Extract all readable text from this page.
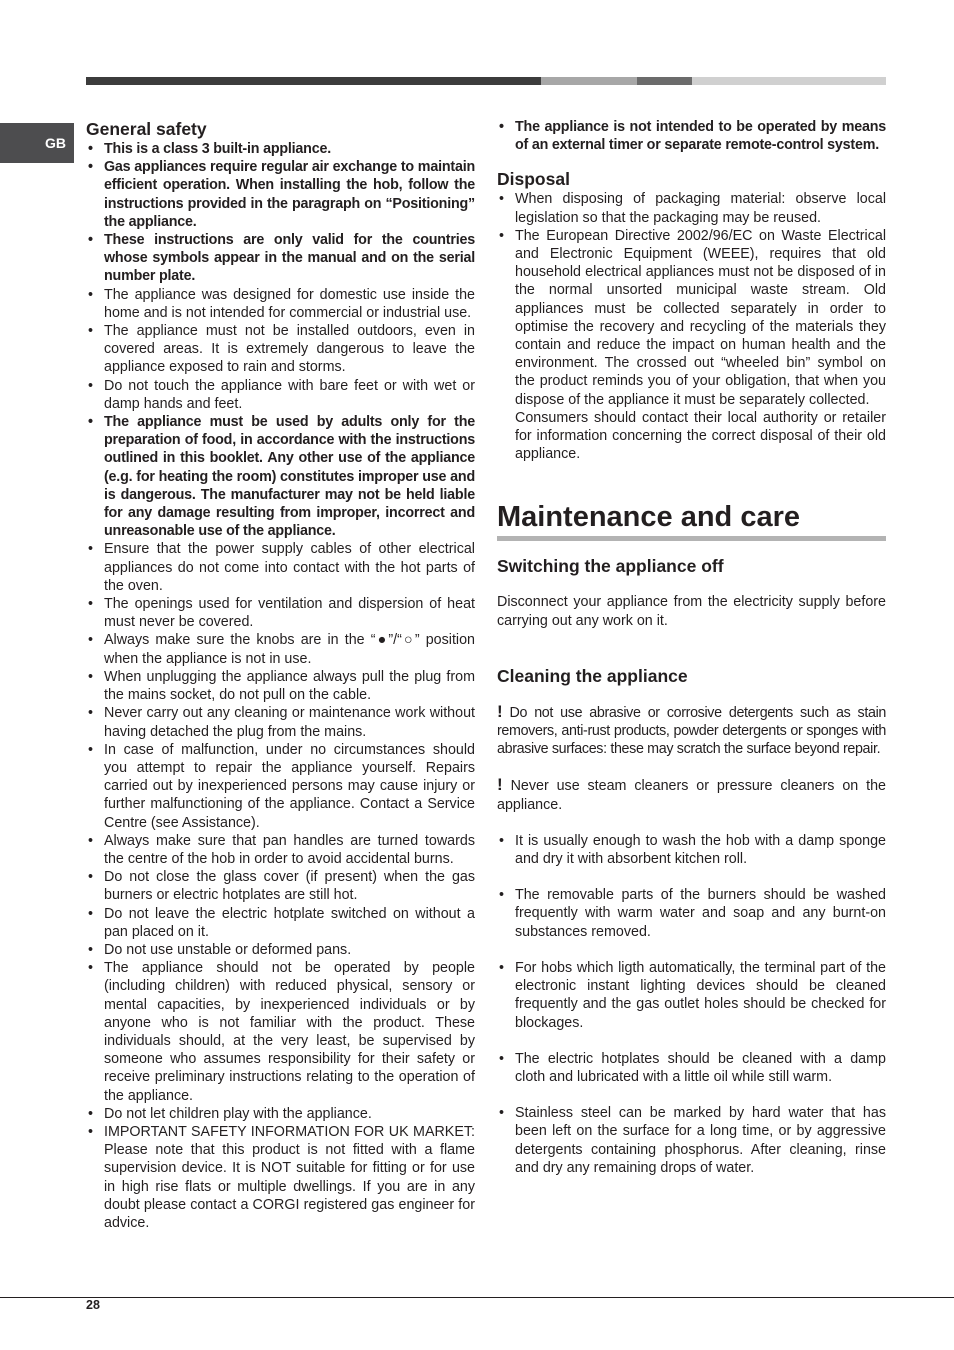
GB
General safety
• This is a class 3 built-in appliance.
• Gas appliances require regular air exchange to maintain efficient operation. When installing the hob, follow the instructions provided in the paragraph on “Positioning” the appliance.
• These instructions are only valid for the countries whose symbols appear in the manual and on the serial number plate.
• The appliance was designed for domestic use inside the home and is not intended for commercial or industrial use.
• The appliance must not be installed outdoors, even in covered areas. It is extremely dangerous to leave the appliance exposed to rain and storms.
• Do not touch the appliance with bare feet or with wet or damp hands and feet.
• The appliance must be used by adults only for the preparation of food, in accordance with the instructions outlined in this booklet. Any other use of the appliance (e.g. for heating the room) constitutes improper use and is dangerous. The manufacturer may not be held liable for any damage resulting from improper, incorrect and unreasonable use of the appliance.
• Ensure that the power supply cables of other electrical appliances do not come into contact with the hot parts of the oven.
• The openings used for ventilation and dispersion of heat must never be covered.
• Always make sure the knobs are in the “●”/“○” position when the appliance is not in use.
• When unplugging the appliance always pull the plug from the mains socket, do not pull on the cable.
• Never carry out any cleaning or maintenance work without having detached the plug from the mains.
• In case of malfunction, under no circumstances should you attempt to repair the appliance yourself. Repairs carried out by inexperienced persons may cause injury or further malfunctioning of the appliance. Contact a Service Centre (see Assistance).
• Always make sure that pan handles are turned towards the centre of the hob in order to avoid accidental burns.
• Do not close the glass cover (if present) when the gas burners or electric hotplates are still hot.
• Do not leave the electric hotplate switched on without a pan placed on it.
• Do not use unstable or deformed pans.
• The appliance should not be operated by people (including children) with reduced physical, sensory or mental capacities, by inexperienced individuals or by anyone who is not familiar with the product. These individuals should, at the very least, be supervised by someone who assumes responsibility for their safety or receive preliminary instructions relating to the operation of the appliance.
• Do not let children play with the appliance.
• IMPORTANT SAFETY INFORMATION FOR UK MARKET: Please note that this product is not fitted with a flame supervision device. It is NOT suitable for fitting or for use in high rise flats or multiple dwellings. If you are in any doubt please contact a CORGI registered gas engineer for advice.
• The appliance is not intended to be operated by means of an external timer or separate remote-control system.
Disposal
• When disposing of packaging material: observe local legislation so that the packaging may be reused.
• The European Directive 2002/96/EC on Waste Electrical and Electronic Equipment (WEEE), requires that old household electrical appliances must not be disposed of in the normal unsorted municipal waste stream. Old appliances must be collected separately in order to optimise the recovery and recycling of the materials they contain and reduce the impact on human health and the environment. The crossed out “wheeled bin” symbol on the product reminds you of your obligation, that when you dispose of the appliance it must be separately collected.

Consumers should contact their local authority or retailer for information concerning the correct disposal of their old appliance.

Maintenance and care
Switching the appliance off

Disconnect your appliance from the electricity supply before carrying out any work on it.

Cleaning the appliance

! Do not use abrasive or corrosive detergents such as stain removers, anti-rust products, powder detergents or sponges with abrasive surfaces: these may scratch the surface beyond repair.

! Never use steam cleaners or pressure cleaners on the appliance.

• It is usually enough to wash the hob with a damp sponge and dry it with absorbent kitchen roll.
• The removable parts of the burners should be washed frequently with warm water and soap and any burnt-on substances removed.
• For hobs which ligth automatically, the terminal part of the electronic instant lighting devices should be cleaned frequently and the gas outlet holes should be checked for blockages.
• The electric hotplates should be cleaned with a damp cloth and lubricated with a little oil while still warm.
• Stainless steel can be marked by hard water that has been left on the surface for a long time, or by aggressive detergents containing phosphorus. After cleaning, rinse and dry any remaining drops of water.
28
